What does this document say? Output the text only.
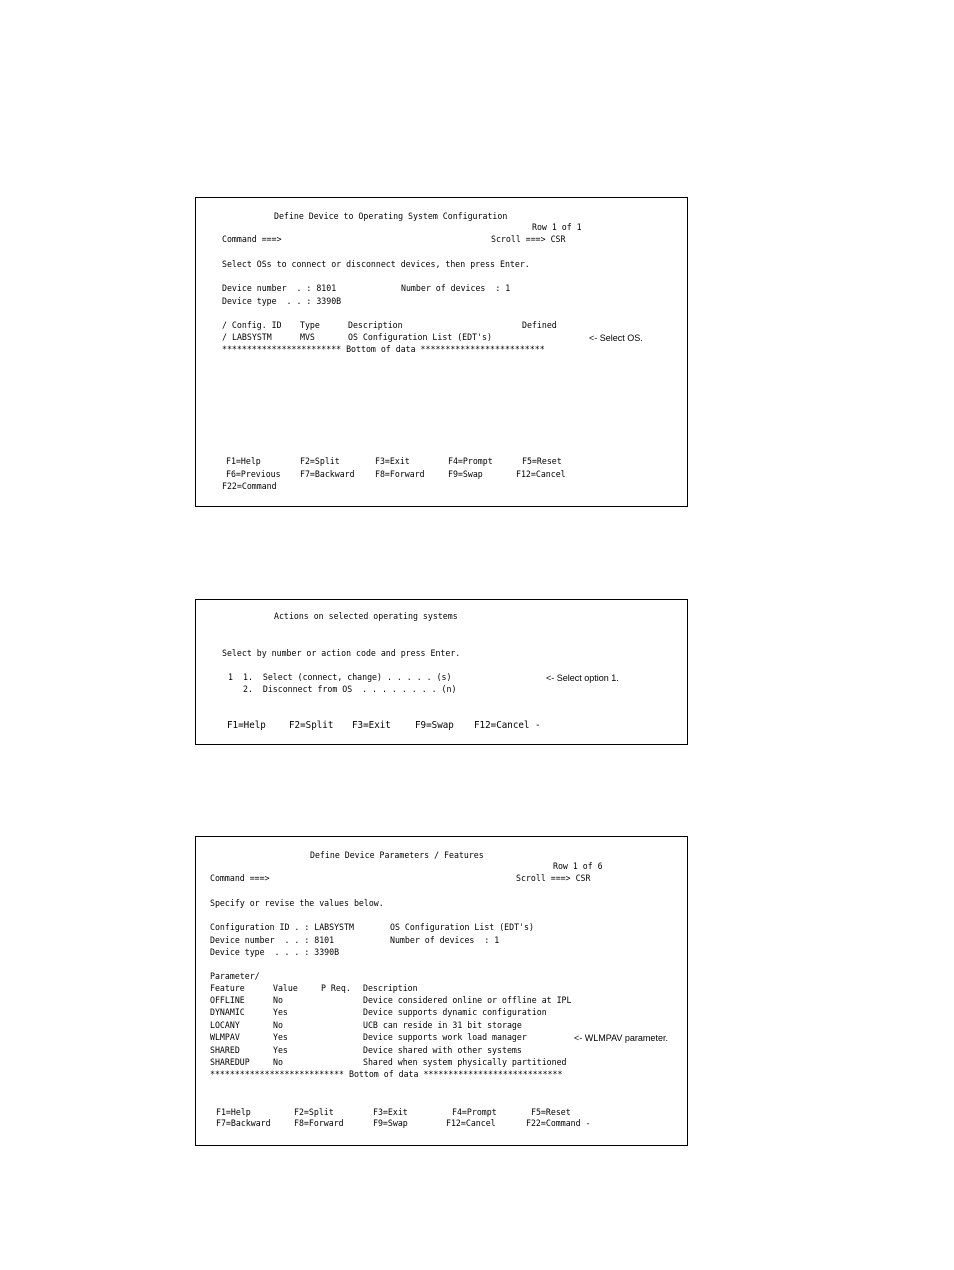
Define Device to Operating System Configuration
Row 1 of 1
Command ===>	Scroll ===> CSR
Select OSs to connect or disconnect devices, then press Enter.
Device number  . : 8101	Number of devices  : 1
Device type  . . : 3390B
/ Config. ID Type	Description	Defined
/ LABSYSTM	MVS	OS Configuration List (EDT's)	<- Select OS.
************************ Bottom of data *************************
F1=Help	F2=Split	F3=Exit	F4=Prompt	F5=Reset
F6=Previous F7=Backward F8=Forward	F9=Swap	F12=Cancel
F22=Command
Actions on selected operating systems
Select by number or action code and press Enter.
1 1.  Select (connect, change) . . . . . (s)
2.  Disconnect from OS  . . . . . . . . (n)
<- Select option 1.
F1=Help F2=Split F3=Exit	F9=Swap F12=Cancel -
Define Device Parameters / Features
Row 1 of 6
Command ===>	Scroll ===> CSR
Specify or revise the values below.
Configuration ID . : LABSYSTM	OS Configuration List (EDT's)
Device number  . . : 8101	Number of devices  : 1
Device type  . . . : 3390B
Parameter/
Feature	Value	P Req. Description
OFFLINE	No	Device considered online or offline at IPL
DYNAMIC	Yes	Device supports dynamic configuration
LOCANY	No	UCB can reside in 31 bit storage
WLMPAV	Yes	Device supports work load manager	<- WLMPAV parameter.
SHARED	Yes	Device shared with other systems
SHAREDUP	No	Shared when system physically partitioned
*************************** Bottom of data ****************************
F1=Help	F2=Split	F3=Exit	F4=Prompt	F5=Reset
F7=Backward	F8=Forward	F9=Swap	F12=Cancel	F22=Command -
